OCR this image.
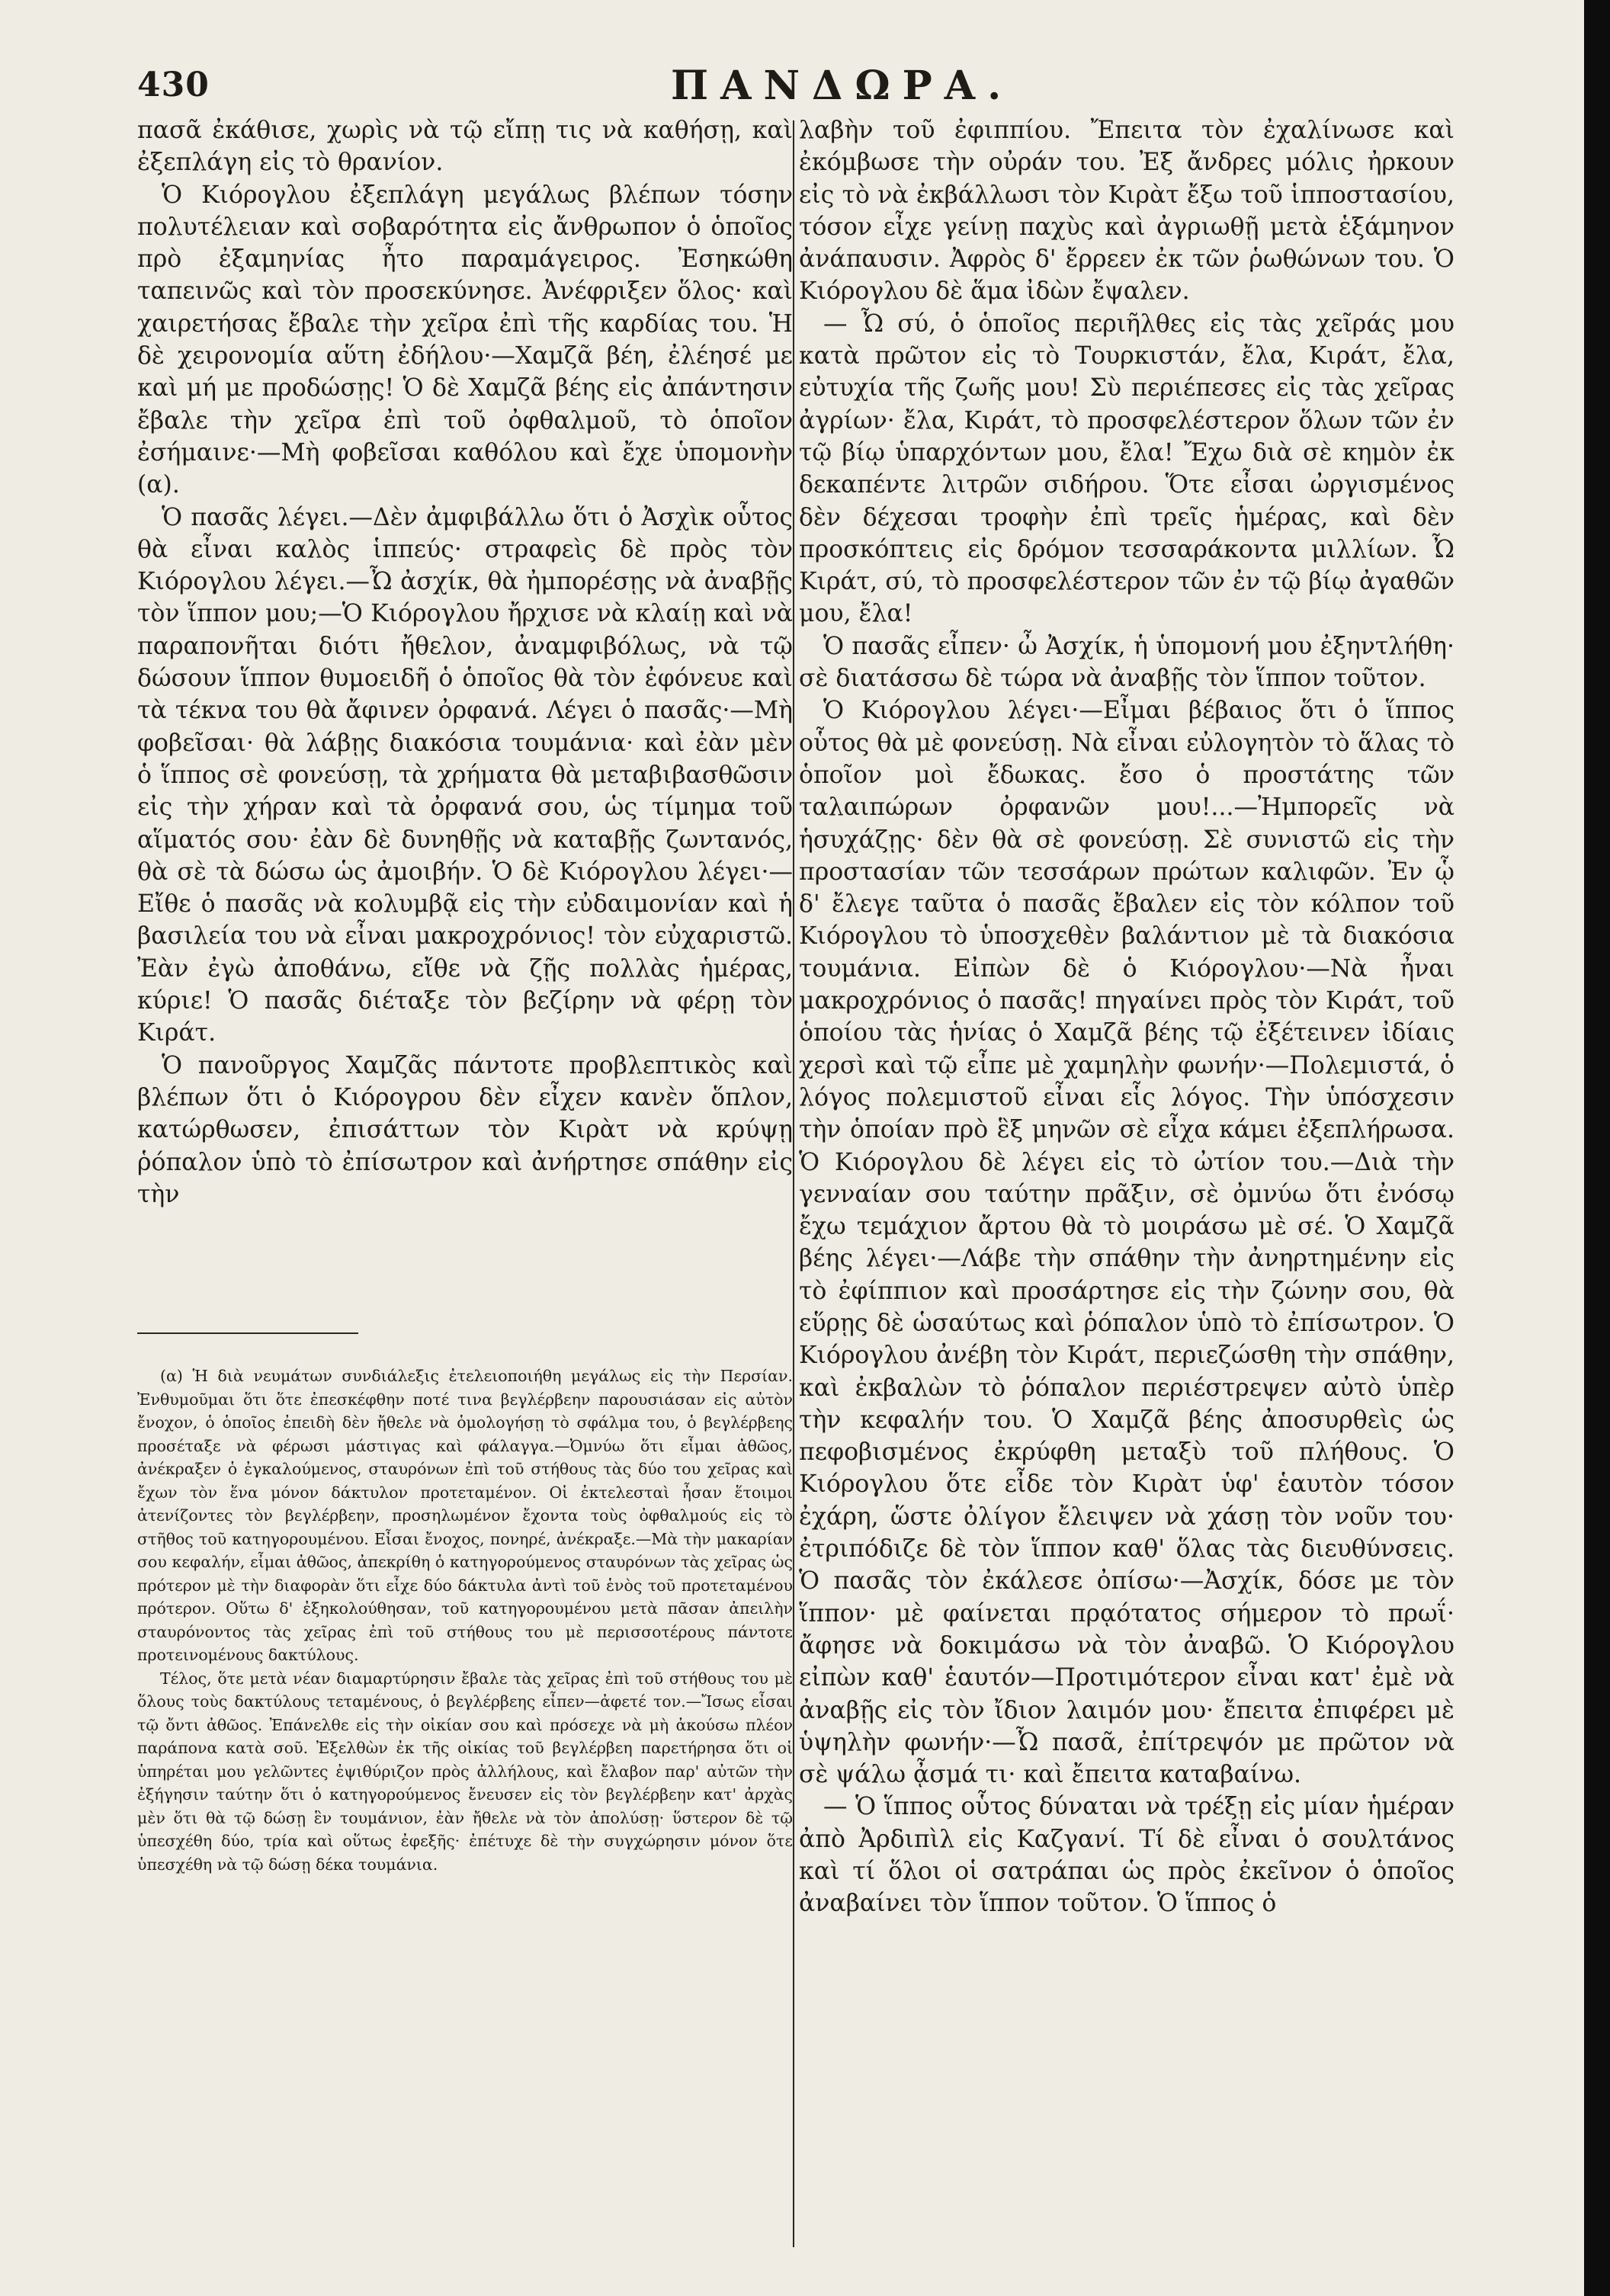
430	ΠΑΝΔΩΡΑ.

πασᾶ ἐκάθισε, χωρὶς νὰ τῷ εἴπῃ τις νὰ καθήσῃ, καὶ ἐξεπλάγη εἰς τὸ θρανίον.

Ὁ Κιόρογλου ἐξεπλάγη μεγάλως βλέπων τόσην πολυτέλειαν καὶ σοβαρότητα εἰς ἄνθρωπον ὁ ὁποῖος πρὸ ἐξαμηνίας ἦτο παραμάγειρος. Ἐσηκώθη ταπεινῶς καὶ τὸν προσεκύνησε. Ἀνέφριξεν ὅλος· καὶ χαιρετήσας ἔβαλε τὴν χεῖρα ἐπὶ τῆς καρδίας του. Ἡ δὲ χειρονομία αὕτη ἐδήλου·—Χαμζᾶ βέη, ἐλέησέ με καὶ μή με προδώσῃς! Ὁ δὲ Χαμζᾶ βέης εἰς ἀπάντησιν ἔβαλε τὴν χεῖρα ἐπὶ τοῦ ὀφθαλμοῦ, τὸ ὁποῖον ἐσήμαινε·—Μὴ φοβεῖσαι καθόλου καὶ ἔχε ὑπομονὴν (α).

Ὁ πασᾶς λέγει.—Δὲν ἀμφιβάλλω ὅτι ὁ Ἀσχὶκ οὗτος θὰ εἶναι καλὸς ἱππεύς· στραφεὶς δὲ πρὸς τὸν Κιόρογλου λέγει.—Ὦ ἀσχίκ, θὰ ἠμπορέσῃς νὰ ἀναβῇς τὸν ἵππον μου;—Ὁ Κιόρογλου ἤρχισε νὰ κλαίῃ καὶ νὰ παραπονῆται διότι ἤθελον, ἀναμφιβόλως, νὰ τῷ δώσουν ἵππον θυμοειδῆ ὁ ὁποῖος θὰ τὸν ἐφόνευε καὶ τὰ τέκνα του θὰ ἄφινεν ὀρφανά. Λέγει ὁ πασᾶς·—Μὴ φοβεῖσαι· θὰ λάβῃς διακόσια τουμάνια· καὶ ἐὰν μὲν ὁ ἵππος σὲ φονεύσῃ, τὰ χρήματα θὰ μεταβιβασθῶσιν εἰς τὴν χήραν καὶ τὰ ὀρφανά σου, ὡς τίμημα τοῦ αἵματός σου· ἐὰν δὲ δυνηθῇς νὰ καταβῇς ζωντανός, θὰ σὲ τὰ δώσω ὡς ἀμοιβήν. Ὁ δὲ Κιόρογλου λέγει·—Εἴθε ὁ πασᾶς νὰ κολυμβᾷ εἰς τὴν εὐδαιμονίαν καὶ ἡ βασιλεία του νὰ εἶναι μακροχρόνιος! τὸν εὐχαριστῶ. Ἐὰν ἐγὼ ἀποθάνω, εἴθε νὰ ζῇς πολλὰς ἡμέρας, κύριε! Ὁ πασᾶς διέταξε τὸν βεζίρην νὰ φέρῃ τὸν Κιράτ.

Ὁ πανοῦργος Χαμζᾶς πάντοτε προβλεπτικὸς καὶ βλέπων ὅτι ὁ Κιόρογρου δὲν εἶχεν κανὲν ὅπλον, κατώρθωσεν, ἐπισάττων τὸν Κιρὰτ νὰ κρύψῃ ῥόπαλον ὑπὸ τὸ ἐπίσωτρον καὶ ἀνήρτησε σπάθην εἰς τὴν

(α) Ἡ διὰ νευμάτων συνδιάλεξις ἐτελειοποιήθη μεγάλως εἰς τὴν Περσίαν. Ἐνθυμοῦμαι ὅτι ὅτε ἐπεσκέφθην ποτέ τινα βεγλέρβεην παρουσιάσαν εἰς αὐτὸν ἔνοχον, ὁ ὁποῖος ἐπειδὴ δὲν ἤθελε νὰ ὁμολογήσῃ τὸ σφάλμα του, ὁ βεγλέρβεης προσέταξε νὰ φέρωσι μάστιγας καὶ φάλαγγα.—Ὀμνύω ὅτι εἶμαι ἀθῶος, ἀνέκραξεν ὁ ἐγκαλούμενος, σταυρόνων ἐπὶ τοῦ στήθους τὰς δύο του χεῖρας καὶ ἔχων τὸν ἕνα μόνον δάκτυλον προτεταμένον. Οἱ ἐκτελεσταὶ ἦσαν ἕτοιμοι ἀτενίζοντες τὸν βεγλέρβεην, προσηλωμένον ἔχοντα τοὺς ὀφθαλμούς εἰς τὸ στῆθος τοῦ κατηγορουμένου. Εἶσαι ἔνοχος, πονηρέ, ἀνέκραξε.—Μὰ τὴν μακαρίαν σου κεφαλήν, εἶμαι ἀθῶος, ἀπεκρίθη ὁ κατηγορούμενος σταυρόνων τὰς χεῖρας ὡς πρότερον μὲ τὴν διαφορὰν ὅτι εἶχε δύο δάκτυλα ἀντὶ τοῦ ἑνὸς τοῦ προτεταμένου πρότερον. Οὕτω δ' ἐξηκολούθησαν, τοῦ κατηγορουμένου μετὰ πᾶσαν ἀπειλὴν σταυρόνοντος τὰς χεῖρας ἐπὶ τοῦ στήθους του μὲ περισσοτέρους πάντοτε προτεινομένους δακτύλους.

Τέλος, ὅτε μετὰ νέαν διαμαρτύρησιν ἔβαλε τὰς χεῖρας ἐπὶ τοῦ στήθους του μὲ ὅλους τοὺς δακτύλους τεταμένους, ὁ βεγλέρβεης εἶπεν—ἀφετέ τον.—Ἴσως εἶσαι τῷ ὄντι ἀθῶος. Ἐπάνελθε εἰς τὴν οἰκίαν σου καὶ πρόσεχε νὰ μὴ ἀκούσω πλέον παράπονα κατὰ σοῦ. Ἐξελθὼν ἐκ τῆς οἰκίας τοῦ βεγλέρβεη παρετήρησα ὅτι οἱ ὑπηρέται μου γελῶντες ἐψιθύριζον πρὸς ἀλλήλους, καὶ ἔλαβον παρ' αὐτῶν τὴν ἐξήγησιν ταύτην ὅτι ὁ κατηγορούμενος ἔνευσεν εἰς τὸν βεγλέρβεην κατ' ἀρχὰς μὲν ὅτι θὰ τῷ δώσῃ ἓν τουμάνιον, ἐὰν ἤθελε νὰ τὸν ἀπολύσῃ· ὕστερον δὲ τῷ ὑπεσχέθη δύο, τρία καὶ οὕτως ἐφεξῆς· ἐπέτυχε δὲ τὴν συγχώρησιν μόνον ὅτε ὑπεσχέθη νὰ τῷ δώσῃ δέκα τουμάνια.

λαβὴν τοῦ ἐφιππίου. Ἔπειτα τὸν ἐχαλίνωσε καὶ ἐκόμβωσε τὴν οὐράν του. Ἐξ ἄνδρες μόλις ἠρκουν εἰς τὸ νὰ ἐκβάλλωσι τὸν Κιρὰτ ἔξω τοῦ ἱπποστασίου, τόσον εἶχε γείνῃ παχὺς καὶ ἀγριωθῇ μετὰ ἑξάμηνον ἀνάπαυσιν. Ἀφρὸς δ' ἔρρεεν ἐκ τῶν ῥωθώνων του. Ὁ Κιόρογλου δὲ ἅμα ἰδὼν ἔψαλεν.

— Ὦ σύ, ὁ ὁποῖος περιῆλθες εἰς τὰς χεῖράς μου κατὰ πρῶτον εἰς τὸ Τουρκιστάν, ἔλα, Κιράτ, ἔλα, εὐτυχία τῆς ζωῆς μου! Σὺ περιέπεσες εἰς τὰς χεῖρας ἀγρίων· ἔλα, Κιράτ, τὸ προσφελέστερον ὅλων τῶν ἐν τῷ βίῳ ὑπαρχόντων μου, ἔλα! Ἔχω διὰ σὲ κημὸν ἐκ δεκαπέντε λιτρῶν σιδήρου. Ὅτε εἶσαι ὠργισμένος δὲν δέχεσαι τροφὴν ἐπὶ τρεῖς ἡμέρας, καὶ δὲν προσκόπτεις εἰς δρόμον τεσσαράκοντα μιλλίων. Ὦ Κιράτ, σύ, τὸ προσφελέστερον τῶν ἐν τῷ βίῳ ἀγαθῶν μου, ἔλα!

Ὁ πασᾶς εἶπεν· ὦ Ἀσχίκ, ἡ ὑπομονή μου ἐξηντλήθη· σὲ διατάσσω δὲ τώρα νὰ ἀναβῇς τὸν ἵππον τοῦτον.

Ὁ Κιόρογλου λέγει·—Εἶμαι βέβαιος ὅτι ὁ ἵππος οὗτος θὰ μὲ φονεύσῃ. Νὰ εἶναι εὐλογητὸν τὸ ἅλας τὸ ὁποῖον μοὶ ἔδωκας. ἔσο ὁ προστάτης τῶν ταλαιπώρων ὀρφανῶν μου!...—Ἠμπορεῖς νὰ ἡσυχάζῃς· δὲν θὰ σὲ φονεύσῃ. Σὲ συνιστῶ εἰς τὴν προστασίαν τῶν τεσσάρων πρώτων καλιφῶν. Ἐν ᾧ δ' ἔλεγε ταῦτα ὁ πασᾶς ἔβαλεν εἰς τὸν κόλπον τοῦ Κιόρογλου τὸ ὑποσχεθὲν βαλάντιον μὲ τὰ διακόσια τουμάνια. Εἰπὼν δὲ ὁ Κιόρογλου·—Νὰ ἦναι μακροχρόνιος ὁ πασᾶς! πηγαίνει πρὸς τὸν Κιράτ, τοῦ ὁποίου τὰς ἡνίας ὁ Χαμζᾶ βέης τῷ ἐξέτεινεν ἰδίαις χερσὶ καὶ τῷ εἶπε μὲ χαμηλὴν φωνήν·—Πολεμιστά, ὁ λόγος πολεμιστοῦ εἶναι εἷς λόγος. Τὴν ὑπόσχεσιν τὴν ὁποίαν πρὸ ἓξ μηνῶν σὲ εἶχα κάμει ἐξεπλήρωσα. Ὁ Κιόρογλου δὲ λέγει εἰς τὸ ὠτίον του.—Διὰ τὴν γενναίαν σου ταύτην πρᾶξιν, σὲ ὀμνύω ὅτι ἐνόσῳ ἔχω τεμάχιον ἄρτου θὰ τὸ μοιράσω μὲ σέ. Ὁ Χαμζᾶ βέης λέγει·—Λάβε τὴν σπάθην τὴν ἀνηρτημένην εἰς τὸ ἐφίππιον καὶ προσάρτησε εἰς τὴν ζώνην σου, θὰ εὕρῃς δὲ ὡσαύτως καὶ ῥόπαλον ὑπὸ τὸ ἐπίσωτρον. Ὁ Κιόρογλου ἀνέβη τὸν Κιράτ, περιεζώσθη τὴν σπάθην, καὶ ἐκβαλὼν τὸ ῥόπαλον περιέστρεψεν αὐτὸ ὑπὲρ τὴν κεφαλήν του. Ὁ Χαμζᾶ βέης ἀποσυρθεὶς ὡς πεφοβισμένος ἐκρύφθη μεταξὺ τοῦ πλήθους. Ὁ Κιόρογλου ὅτε εἶδε τὸν Κιρὰτ ὑφ' ἑαυτὸν τόσον ἐχάρη, ὥστε ὀλίγον ἔλειψεν νὰ χάσῃ τὸν νοῦν του· ἐτριπόδιζε δὲ τὸν ἵππον καθ' ὅλας τὰς διευθύνσεις. Ὁ πασᾶς τὸν ἐκάλεσε ὀπίσω·—Ἀσχίκ, δόσε με τὸν ἵππον· μὲ φαίνεται πρᾳότατος σήμερον τὸ πρωΐ· ἄφησε νὰ δοκιμάσω νὰ τὸν ἀναβῶ. Ὁ Κιόρογλου εἰπὼν καθ' ἑαυτόν—Προτιμότερον εἶναι κατ' ἐμὲ νὰ ἀναβῇς εἰς τὸν ἴδιον λαιμόν μου· ἔπειτα ἐπιφέρει μὲ ὑψηλὴν φωνήν·—Ὦ πασᾶ, ἐπίτρεψόν με πρῶτον νὰ σὲ ψάλω ᾆσμά τι· καὶ ἔπειτα καταβαίνω.

— Ὁ ἵππος οὗτος δύναται νὰ τρέξῃ εἰς μίαν ἡμέραν ἀπὸ Ἀρδιπὶλ εἰς Καζγανί. Τί δὲ εἶναι ὁ σουλτάνος καὶ τί ὅλοι οἱ σατράπαι ὡς πρὸς ἐκεῖνον ὁ ὁποῖος ἀναβαίνει τὸν ἵππον τοῦτον. Ὁ ἵππος ὁ
